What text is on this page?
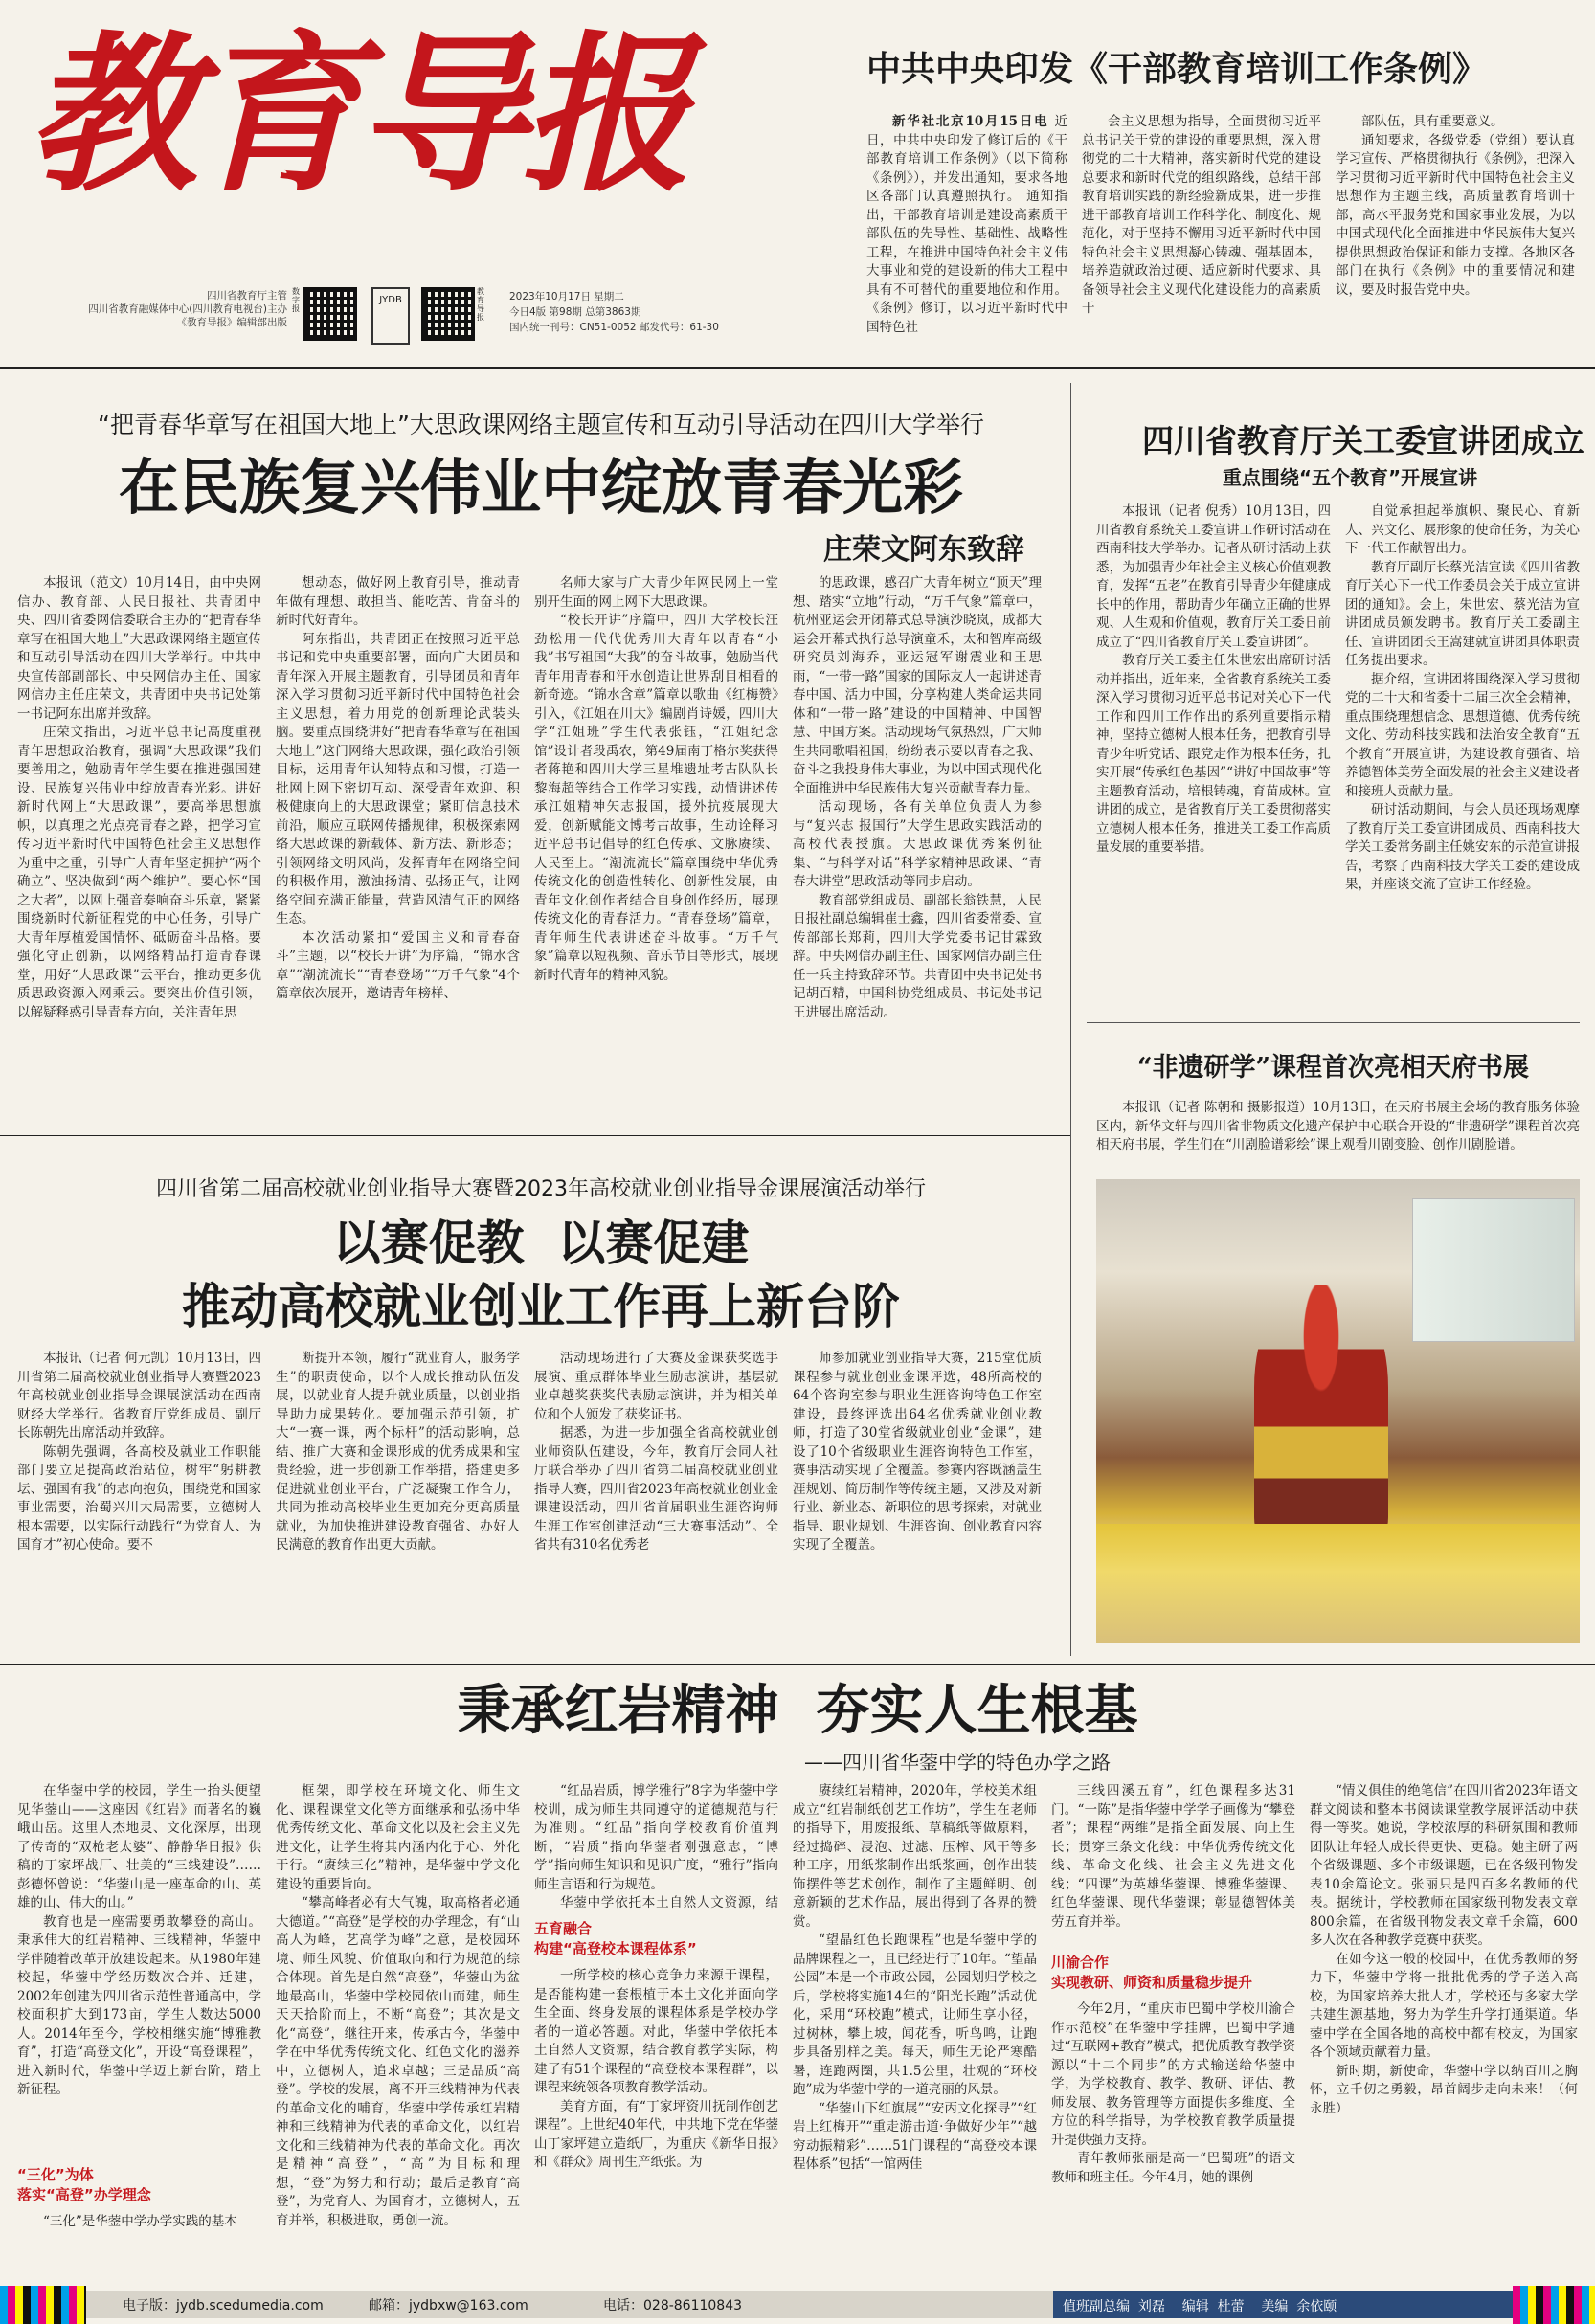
教育导报
四川省教育厅主管
四川省教育融媒体中心(四川教育电视台)主办
《教育导报》编辑部出版
数字报
JYDB
教育导报
2023年10月17日 星期二
今日4版 第98期 总第3863期
国内统一刊号：CN51-0052 邮发代号：61-30
中共中央印发《干部教育培训工作条例》

新华社北京10月15日电 近日，中共中央印发了修订后的《干部教育培训工作条例》（以下简称《条例》），并发出通知，要求各地区各部门认真遵照执行。 通知指出，干部教育培训是建设高素质干部队伍的先导性、基础性、战略性工程，在推进中国特色社会主义伟大事业和党的建设新的伟大工程中具有不可替代的重要地位和作用。《条例》修订，以习近平新时代中国特色社

会主义思想为指导，全面贯彻习近平总书记关于党的建设的重要思想，深入贯彻党的二十大精神，落实新时代党的建设总要求和新时代党的组织路线，总结干部教育培训实践的新经验新成果，进一步推进干部教育培训工作科学化、制度化、规范化，对于坚持不懈用习近平新时代中国特色社会主义思想凝心铸魂、强基固本，培养造就政治过硬、适应新时代要求、具备领导社会主义现代化建设能力的高素质干

部队伍，具有重要意义。
通知要求，各级党委（党组）要认真学习宣传、严格贯彻执行《条例》，把深入学习贯彻习近平新时代中国特色社会主义思想作为主题主线，高质量教育培训干部，高水平服务党和国家事业发展，为以中国式现代化全面推进中华民族伟大复兴提供思想政治保证和能力支撑。各地区各部门在执行《条例》中的重要情况和建议，要及时报告党中央。

“把青春华章写在祖国大地上”大思政课网络主题宣传和互动引导活动在四川大学举行
在民族复兴伟业中绽放青春光彩
庄荣文阿东致辞

本报讯（范文）10月14日，由中央网信办、教育部、人民日报社、共青团中央、四川省委网信委联合主办的“把青春华章写在祖国大地上”大思政课网络主题宣传和互动引导活动在四川大学举行。中共中央宣传部副部长、中央网信办主任、国家网信办主任庄荣文，共青团中央书记处第一书记阿东出席并致辞。
庄荣文指出，习近平总书记高度重视青年思想政治教育，强调“大思政课”我们要善用之，勉励青年学生要在推进强国建设、民族复兴伟业中绽放青春光彩。讲好新时代网上“大思政课”，要高举思想旗帜，以真理之光点亮青春之路，把学习宣传习近平新时代中国特色社会主义思想作为重中之重，引导广大青年坚定拥护“两个确立”、坚决做到“两个维护”。要心怀“国之大者”，以网上强音奏响奋斗乐章，紧紧围绕新时代新征程党的中心任务，引导广大青年厚植爱国情怀、砥砺奋斗品格。要强化守正创新，以网络精品打造青春课堂，用好“大思政课”云平台，推动更多优质思政资源入网乘云。要突出价值引领，以解疑释惑引导青春方向，关注青年思

想动态，做好网上教育引导，推动青年做有理想、敢担当、能吃苦、肯奋斗的新时代好青年。
阿东指出，共青团正在按照习近平总书记和党中央重要部署，面向广大团员和青年深入开展主题教育，引导团员和青年深入学习贯彻习近平新时代中国特色社会主义思想，着力用党的创新理论武装头脑。要重点围绕讲好“把青春华章写在祖国大地上”这门网络大思政课，强化政治引领目标，运用青年认知特点和习惯，打造一批网上网下密切互动、深受青年欢迎、积极健康向上的大思政课堂；紧盯信息技术前沿，顺应互联网传播规律，积极探索网络大思政课的新载体、新方法、新形态；引领网络文明风尚，发挥青年在网络空间的积极作用，激浊扬清、弘扬正气，让网络空间充满正能量，营造风清气正的网络生态。
本次活动紧扣“爱国主义和青春奋斗”主题，以“校长开讲”为序篇，“锦水含章”“潮流流长”“青春登场”“万千气象”4个篇章依次展开，邀请青年榜样、

名师大家与广大青少年网民网上一堂别开生面的网上网下大思政课。
“校长开讲”序篇中，四川大学校长汪劲松用一代代优秀川大青年以青春“小我”书写祖国“大我”的奋斗故事，勉励当代青年用青春和汗水创造让世界刮目相看的新奇迹。“锦水含章”篇章以歌曲《红梅赞》引入，《江姐在川大》编剧肖诗媛，四川大学“江姐班”学生代表张钰，“江姐纪念馆”设计者段禹农，第49届南丁格尔奖获得者蒋艳和四川大学三星堆遗址考古队队长黎海超等结合工作学习实践，动情讲述传承江姐精神矢志报国，援外抗疫展现大爱，创新赋能文博考古故事，生动诠释习近平总书记倡导的红色传承、文脉赓续、人民至上。“潮流流长”篇章围绕中华优秀传统文化的创造性转化、创新性发展，由青年文化创作者结合自身创作经历，展现传统文化的青春活力。“青春登场”篇章，青年师生代表讲述奋斗故事。“万千气象”篇章以短视频、音乐节目等形式，展现新时代青年的精神风貌。

的思政课，感召广大青年树立“顶天”理想、踏实“立地”行动，“万千气象”篇章中，杭州亚运会开闭幕式总导演沙晓岚，成都大运会开幕式执行总导演童禾，太和智库高级研究员刘海乔，亚运冠军谢震业和王思雨，“一带一路”国家的国际友人一起讲述青春中国、活力中国，分享构建人类命运共同体和“一带一路”建设的中国精神、中国智慧、中国方案。活动现场气氛热烈，广大师生共同歌唱祖国，纷纷表示要以青春之我、奋斗之我投身伟大事业，为以中国式现代化全面推进中华民族伟大复兴贡献青春力量。
活动现场，各有关单位负责人为参与“复兴志 报国行”大学生思政实践活动的高校代表授旗。大思政课优秀案例征集、“与科学对话”科学家精神思政课、“青春大讲堂”思政活动等同步启动。
教育部党组成员、副部长翁铁慧，人民日报社副总编辑崔士鑫，四川省委常委、宣传部部长郑莉，四川大学党委书记甘霖致辞。中央网信办副主任、国家网信办副主任任一兵主持致辞环节。共青团中央书记处书记胡百精，中国科协党组成员、书记处书记王进展出席活动。

四川省教育厅关工委宣讲团成立
重点围绕“五个教育”开展宣讲

本报讯（记者 倪秀）10月13日，四川省教育系统关工委宣讲工作研讨活动在西南科技大学举办。记者从研讨活动上获悉，为加强青少年社会主义核心价值观教育，发挥“五老”在教育引导青少年健康成长中的作用，帮助青少年确立正确的世界观、人生观和价值观，教育厅关工委日前成立了“四川省教育厅关工委宣讲团”。
教育厅关工委主任朱世宏出席研讨活动并指出，近年来，全省教育系统关工委深入学习贯彻习近平总书记对关心下一代工作和四川工作作出的系列重要指示精神，坚持立德树人根本任务，把教育引导青少年听党话、跟党走作为根本任务，扎实开展“传承红色基因”“讲好中国故事”等主题教育活动，培根铸魂，育苗成林。宣讲团的成立，是省教育厅关工委贯彻落实立德树人根本任务，推进关工委工作高质量发展的重要举措。

自觉承担起举旗帜、聚民心、育新人、兴文化、展形象的使命任务，为关心下一代工作献智出力。
教育厅副厅长蔡光洁宣读《四川省教育厅关心下一代工作委员会关于成立宣讲团的通知》。会上，朱世宏、蔡光洁为宣讲团成员颁发聘书。教育厅关工委副主任、宣讲团团长王嵩建就宣讲团具体职责任务提出要求。
据介绍，宣讲团将围绕深入学习贯彻党的二十大和省委十二届三次全会精神，重点围绕理想信念、思想道德、优秀传统文化、劳动科技实践和法治安全教育“五个教育”开展宣讲，为建设教育强省、培养德智体美劳全面发展的社会主义建设者和接班人贡献力量。
研讨活动期间，与会人员还现场观摩了教育厅关工委宣讲团成员、西南科技大学关工委常务副主任姚安东的示范宣讲报告，考察了西南科技大学关工委的建设成果，并座谈交流了宣讲工作经验。

“非遗研学”课程首次亮相天府书展

本报讯（记者 陈朝和 摄影报道）10月13日，在天府书展主会场的教育服务体验区内，新华文轩与四川省非物质文化遗产保护中心联合开设的“非遗研学”课程首次亮相天府书展，学生们在“川剧脸谱彩绘”课上观看川剧变脸、创作川剧脸谱。

四川省第二届高校就业创业指导大赛暨2023年高校就业创业指导金课展演活动举行
以赛促教  以赛促建
推动高校就业创业工作再上新台阶

本报讯（记者 何元凯）10月13日，四川省第二届高校就业创业指导大赛暨2023年高校就业创业指导金课展演活动在西南财经大学举行。省教育厅党组成员、副厅长陈朝先出席活动并致辞。
陈朝先强调，各高校及就业工作职能部门要立足提高政治站位，树牢“躬耕教坛、强国有我”的志向抱负，围绕党和国家事业需要，治蜀兴川大局需要，立德树人根本需要，以实际行动践行“为党育人、为国育才”初心使命。要不

断提升本领，履行“就业育人，服务学生”的职责使命，以个人成长推动队伍发展，以就业育人提升就业质量，以创业指导助力成果转化。要加强示范引领，扩大“一赛一课，两个标杆”的活动影响，总结、推广大赛和金课形成的优秀成果和宝贵经验，进一步创新工作举措，搭建更多促进就业创业平台，广泛凝聚工作合力，共同为推动高校毕业生更加充分更高质量就业，为加快推进建设教育强省、办好人民满意的教育作出更大贡献。

活动现场进行了大赛及金课获奖选手展演、重点群体毕业生励志演讲，基层就业卓越奖获奖代表励志演讲，并为相关单位和个人颁发了获奖证书。
据悉，为进一步加强全省高校就业创业师资队伍建设，今年，教育厅会同人社厅联合举办了四川省第二届高校就业创业指导大赛，四川省2023年高校就业创业金课建设活动，四川省首届职业生涯咨询师生涯工作室创建活动“三大赛事活动”。全省共有310名优秀老

师参加就业创业指导大赛，215堂优质课程参与就业创业金课评选，48所高校的64个咨询室参与职业生涯咨询特色工作室建设，最终评选出64名优秀就业创业教师，打造了30堂省级就业创业“金课”，建设了10个省级职业生涯咨询特色工作室，赛事活动实现了全覆盖。参赛内容既涵盖生涯规划、简历制作等传统主题，又涉及对新行业、新业态、新职位的思考探索，对就业指导、职业规划、生涯咨询、创业教育内容实现了全覆盖。

秉承红岩精神  夯实人生根基
——四川省华蓥中学的特色办学之路

在华蓥中学的校园，学生一抬头便望见华蓥山——这座因《红岩》而著名的巍峨山岳。这里人杰地灵、文化深厚，出现了传奇的“双枪老太婆”、静静华日报》供稿的丁家坪战厂、壮美的“三线建设”……彭德怀曾说：“华蓥山是一座革命的山、英雄的山、伟大的山。”
教育也是一座需要勇敢攀登的高山。秉承伟大的红岩精神、三线精神，华蓥中学伴随着改革开放建设起来。从1980年建校起，华蓥中学经历数次合并、迁建，2002年创建为四川省示范性普通高中，学校面积扩大到173亩，学生人数达5000人。2014年至今，学校相继实施“博雅教育”，打造“高登文化”，开设“高登课程”，进入新时代，华蓥中学迈上新台阶，踏上新征程。

“三化”为体
落实“高登”办学理念

“三化”是华蓥中学办学实践的基本

框架，即学校在环境文化、师生文化、课程课堂文化等方面继承和弘扬中华优秀传统文化、革命文化以及社会主义先进文化，让学生将其内涵内化于心、外化于行。“赓续三化”精神，是华蓥中学文化建设的重要旨向。
“攀高峰者必有大气魄，取高格者必通大德道。”“高登”是学校的办学理念，有“山高人为峰，艺高学为峰”之意，是校园环境、师生风貌、价值取向和行为规范的综合体现。首先是自然“高登”，华蓥山为盆地最高山，华蓥中学校园依山而建，师生天天拾阶而上，不断“高登”；其次是文化“高登”，继往开来，传承古今，华蓥中学在中华优秀传统文化、红色文化的滋养中，立德树人，追求卓越；三是品质“高登”。学校的发展，离不开三线精神为代表的革命文化的哺育，华蓥中学传承红岩精神和三线精神为代表的革命文化，以红岩文化和三线精神为代表的革命文化。再次是精神“高登”，“高”为目标和理想，“登”为努力和行动；最后是教育“高登”，为党育人、为国育才，立德树人，五育并举，积极进取，勇创一流。

“红品岩质，博学雅行”8字为华蓥中学校训，成为师生共同遵守的道德规范与行为准则。“红品”指向学校教育价值判断，“岩质”指向华蓥者刚强意志，“博学”指向师生知识和见识广度，“雅行”指向师生言语和行为规范。
华蓥中学依托本土自然人文资源，结

五育融合
构建“高登校本课程体系”

一所学校的核心竞争力来源于课程，是否能构建一套根植于本土文化并面向学生全面、终身发展的课程体系是学校办学者的一道必答题。对此，华蓥中学依托本土自然人文资源，结合教育教学实际，构建了有51个课程的“高登校本课程群”，以课程来统领各项教育教学活动。
美育方面，有“丁家坪资川抚制作创艺课程”。上世纪40年代，中共地下党在华蓥山丁家坪建立造纸厂，为重庆《新华日报》和《群众》周刊生产纸张。为

赓续红岩精神，2020年，学校美术组成立“红岩制纸创艺工作坊”，学生在老师的指导下，用废报纸、草稿纸等做原料，经过捣碎、浸泡、过滤、压榨、风干等多种工序，用纸浆制作出纸浆画，创作出装饰摆件等艺术创作，制作了主题鲜明、创意新颖的艺术作品，展出得到了各界的赞赏。
“望晶红色长跑课程”也是华蓥中学的品牌课程之一，且已经进行了10年。“望晶公园”本是一个市政公园，公园划归学校之后，学校将实施14年的“阳光长跑”活动优化，采用“环校跑”模式，让师生享小径，过树林，攀上坡，闻花香，听鸟鸣，让跑步具备别样之美。每天，师生无论严寒酷暑，连跑两圈，共1.5公里，壮观的“环校跑”成为华蓥中学的一道亮丽的风景。
“华蓥山下红旗展”“安丙文化探寻”“红岩上红梅开”“重走游击道·争做好少年”“越穷动振精彩”……51门课程的“高登校本课程体系”包括“一馆两佳

三线四溪五育”，红色课程多达31门。“一陈”是指华蓥中学学子画像为“攀登者”；课程“两维”是指全面发展、向上生长；贯穿三条文化线：中华优秀传统文化线、革命文化线、社会主义先进文化线；“四课”为英雄华蓥课、博雅华蓥课、红色华蓥课、现代华蓥课；彰显德智体美劳五育并举。

川渝合作
实现教研、师资和质量稳步提升

今年2月，“重庆市巴蜀中学校川渝合作示范校”在华蓥中学挂牌，巴蜀中学通过“互联网+教育”模式，把优质教育教学资源以“十二个同步”的方式输送给华蓥中学，为学校教育、教学、教研、评估、教师发展、教务管理等方面提供多维度、全方位的科学指导，为学校教育教学质量提升提供强力支持。
青年教师张丽是高一“巴蜀班”的语文教师和班主任。今年4月，她的课例

“情义俱佳的绝笔信”在四川省2023年语文群文阅读和整本书阅读课堂教学展评活动中获得一等奖。她说，学校浓厚的科研氛围和教师团队让年轻人成长得更快、更稳。她主研了两个省级课题、多个市级课题，已在各级刊物发表10余篇论文。张丽只是四百多名教师的代表。据统计，学校教师在国家级刊物发表文章800余篇，在省级刊物发表文章千余篇，600多人次在各种教学竞赛中获奖。
在如今这一般的校园中，在优秀教师的努力下，华蓥中学将一批批优秀的学子送入高校，为国家培养大批人才，学校还与多家大学共建生源基地，努力为学生升学打通渠道。华蓥中学在全国各地的高校中都有校友，为国家各个领域贡献着力量。
新时期，新使命，华蓥中学以纳百川之胸怀，立千仞之勇毅，昂首阔步走向未来！（何永胜）

电子版：jydb.scedumedia.com	邮箱：jydbxw@163.com	电话：028-86110843	值班副总编  刘磊    编辑  杜蕾    美编  余依颐
